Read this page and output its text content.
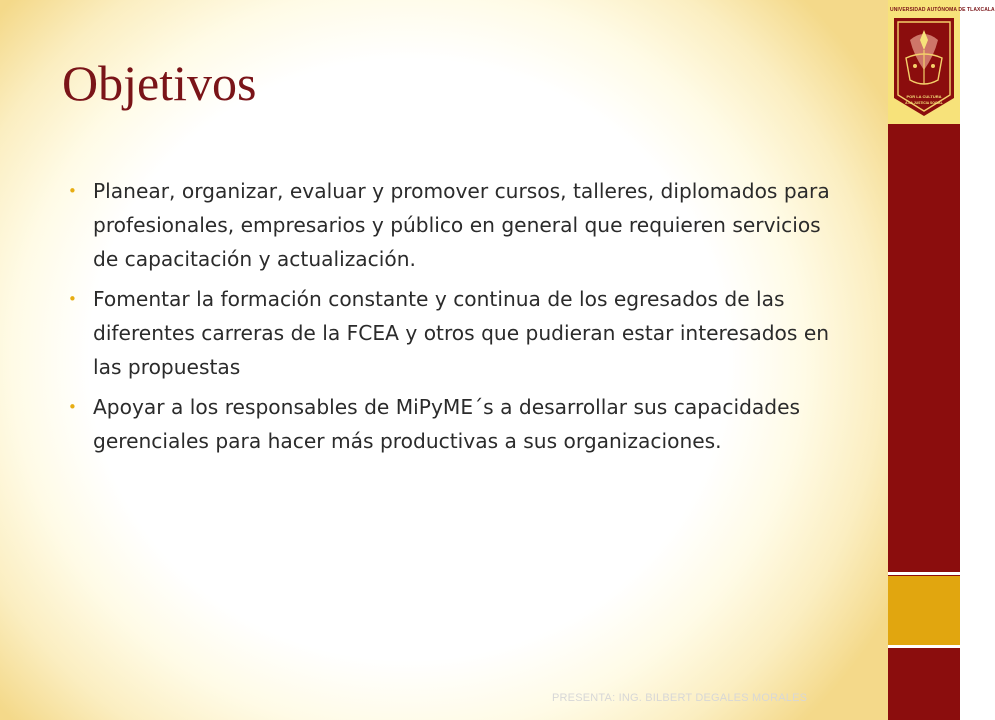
Objetivos
• Planear, organizar, evaluar y promover cursos, talleres, diplomados para profesionales, empresarios y público en general que requieren servicios de capacitación y actualización.
• Fomentar la formación constante y continua de los egresados de las diferentes carreras de la FCEA y otros que pudieran estar interesados en las propuestas
• Apoyar a los responsables de MiPyME´s a desarrollar sus capacidades gerenciales para hacer más productivas a sus organizaciones.
PRESENTA: ING. BILBERT DEGALES MORALES
POR LA CULTURA
A LA JUSTICIA SOCIAL
UNIVERSIDAD AUTÓNOMA DE TLAXCALA
